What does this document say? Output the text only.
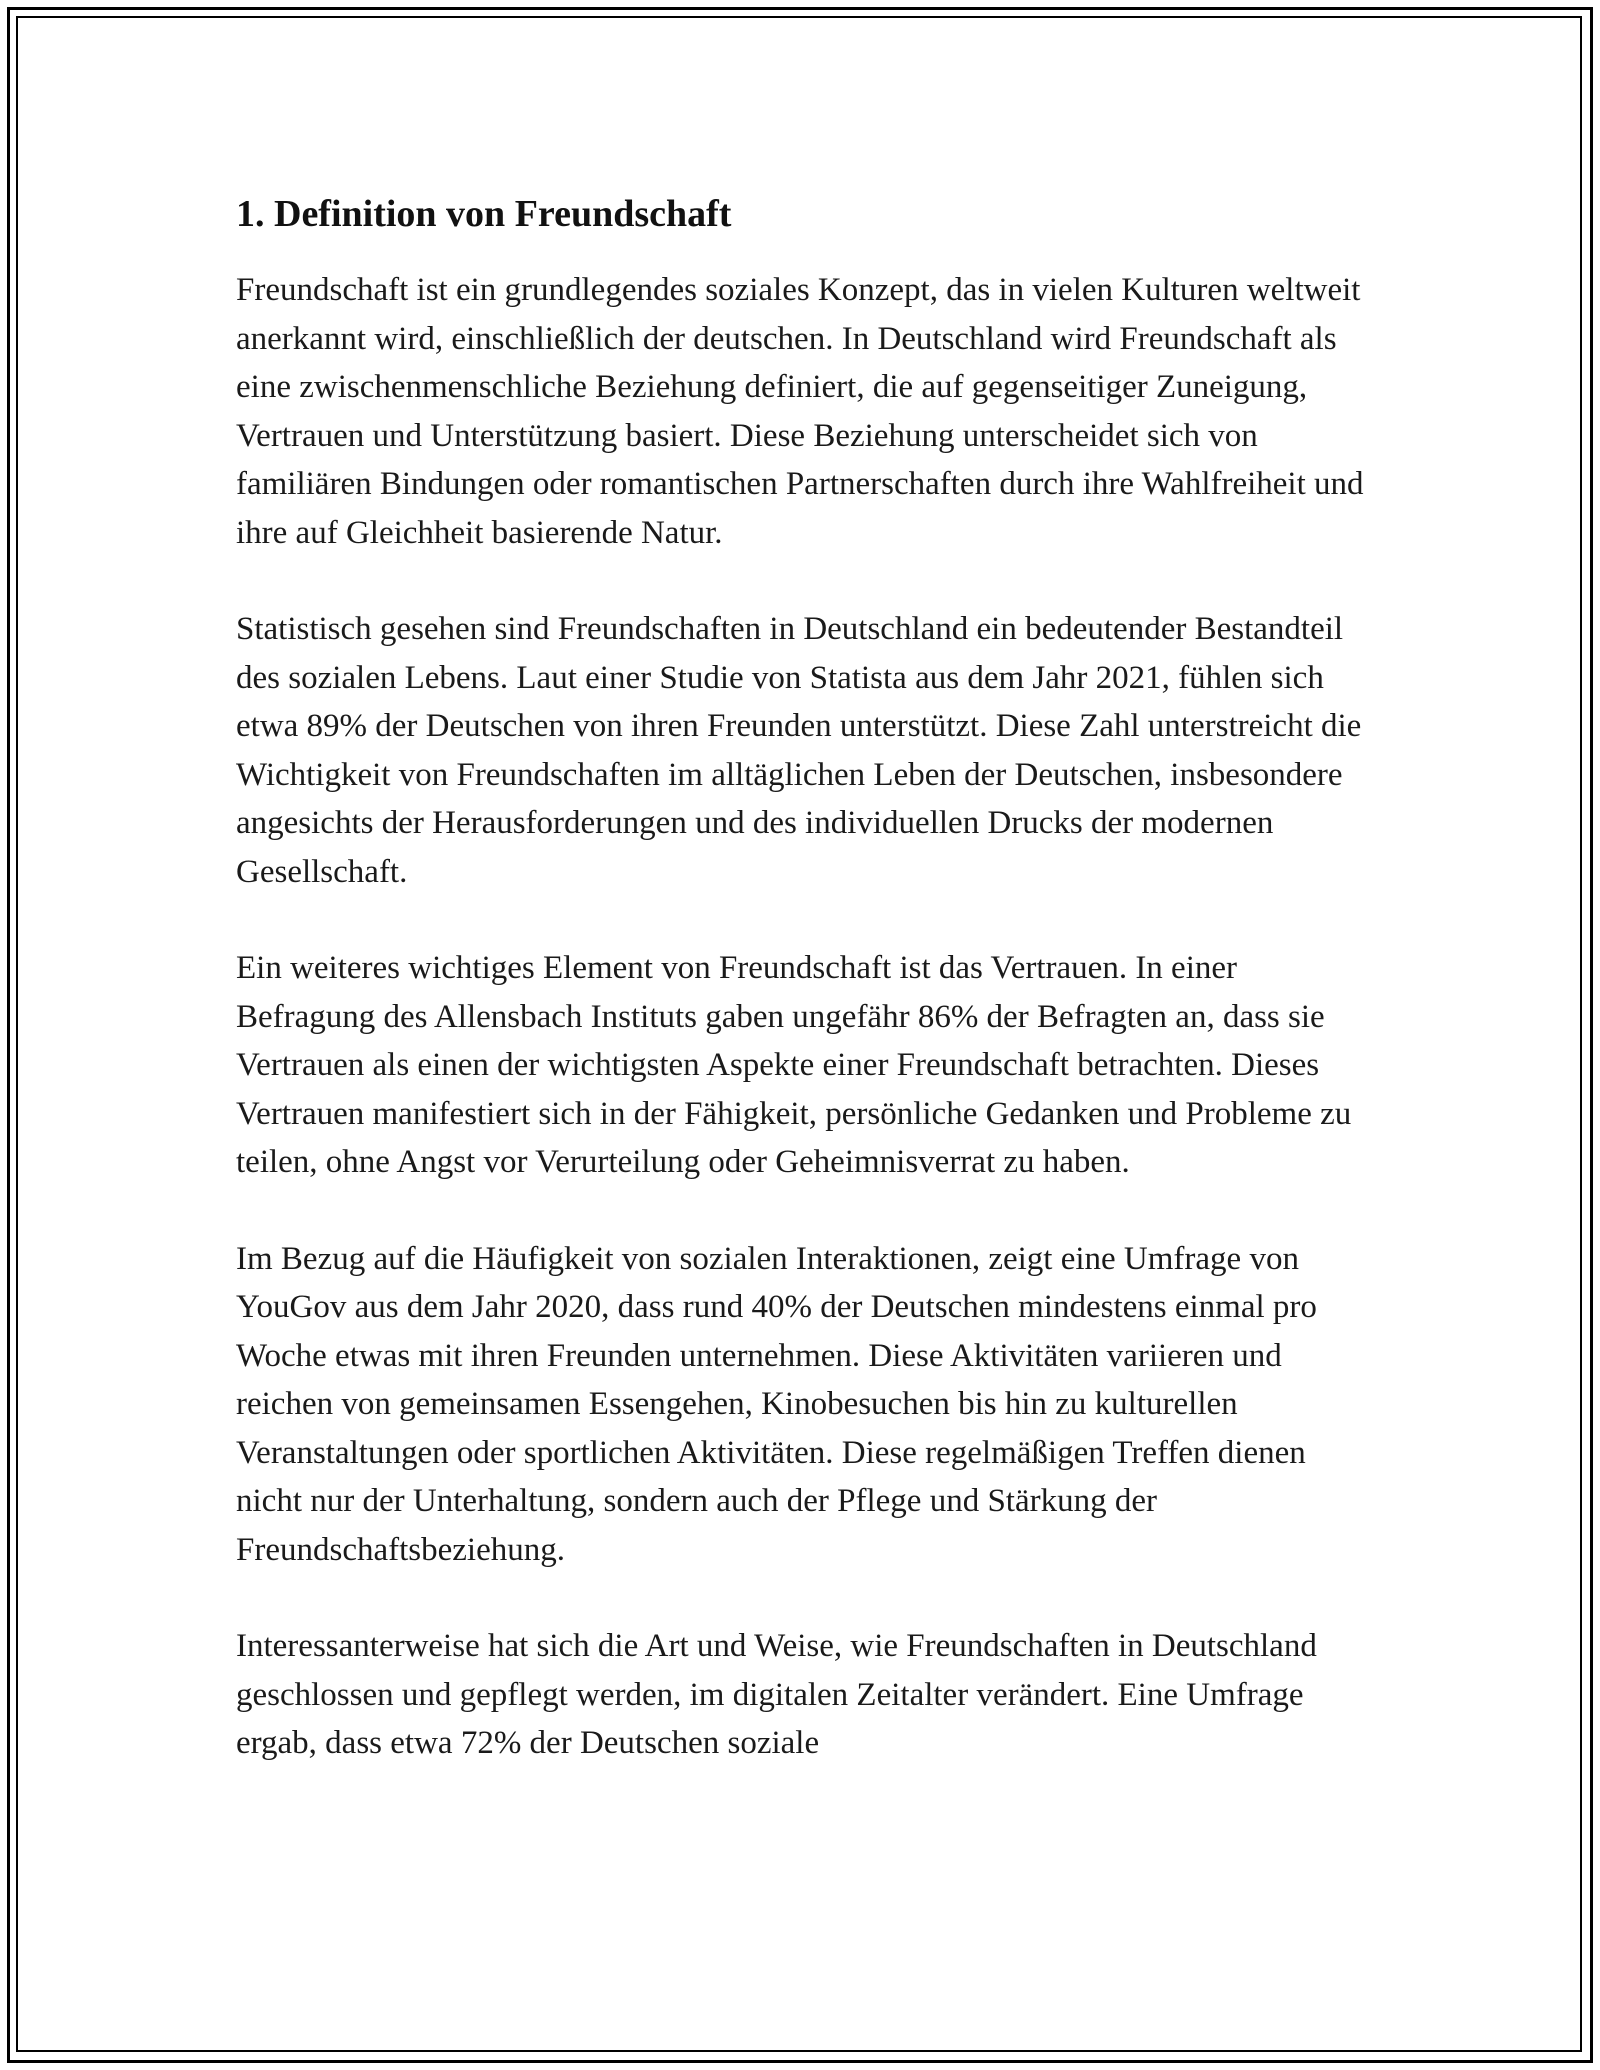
1. Definition von Freundschaft

Freundschaft ist ein grundlegendes soziales Konzept, das in vielen Kulturen weltweit anerkannt wird, einschließlich der deutschen. In Deutschland wird Freundschaft als eine zwischenmenschliche Beziehung definiert, die auf gegenseitiger Zuneigung, Vertrauen und Unterstützung basiert. Diese Beziehung unterscheidet sich von familiären Bindungen oder romantischen Partnerschaften durch ihre Wahlfreiheit und ihre auf Gleichheit basierende Natur.

Statistisch gesehen sind Freundschaften in Deutschland ein bedeutender Bestandteil des sozialen Lebens. Laut einer Studie von Statista aus dem Jahr 2021, fühlen sich etwa 89% der Deutschen von ihren Freunden unterstützt. Diese Zahl unterstreicht die Wichtigkeit von Freundschaften im alltäglichen Leben der Deutschen, insbesondere angesichts der Herausforderungen und des individuellen Drucks der modernen Gesellschaft.

Ein weiteres wichtiges Element von Freundschaft ist das Vertrauen. In einer Befragung des Allensbach Instituts gaben ungefähr 86% der Befragten an, dass sie Vertrauen als einen der wichtigsten Aspekte einer Freundschaft betrachten. Dieses Vertrauen manifestiert sich in der Fähigkeit, persönliche Gedanken und Probleme zu teilen, ohne Angst vor Verurteilung oder Geheimnisverrat zu haben.

Im Bezug auf die Häufigkeit von sozialen Interaktionen, zeigt eine Umfrage von YouGov aus dem Jahr 2020, dass rund 40% der Deutschen mindestens einmal pro Woche etwas mit ihren Freunden unternehmen. Diese Aktivitäten variieren und reichen von gemeinsamen Essengehen, Kinobesuchen bis hin zu kulturellen Veranstaltungen oder sportlichen Aktivitäten. Diese regelmäßigen Treffen dienen nicht nur der Unterhaltung, sondern auch der Pflege und Stärkung der Freundschaftsbeziehung.

Interessanterweise hat sich die Art und Weise, wie Freundschaften in Deutschland geschlossen und gepflegt werden, im digitalen Zeitalter verändert. Eine Umfrage ergab, dass etwa 72% der Deutschen soziale
